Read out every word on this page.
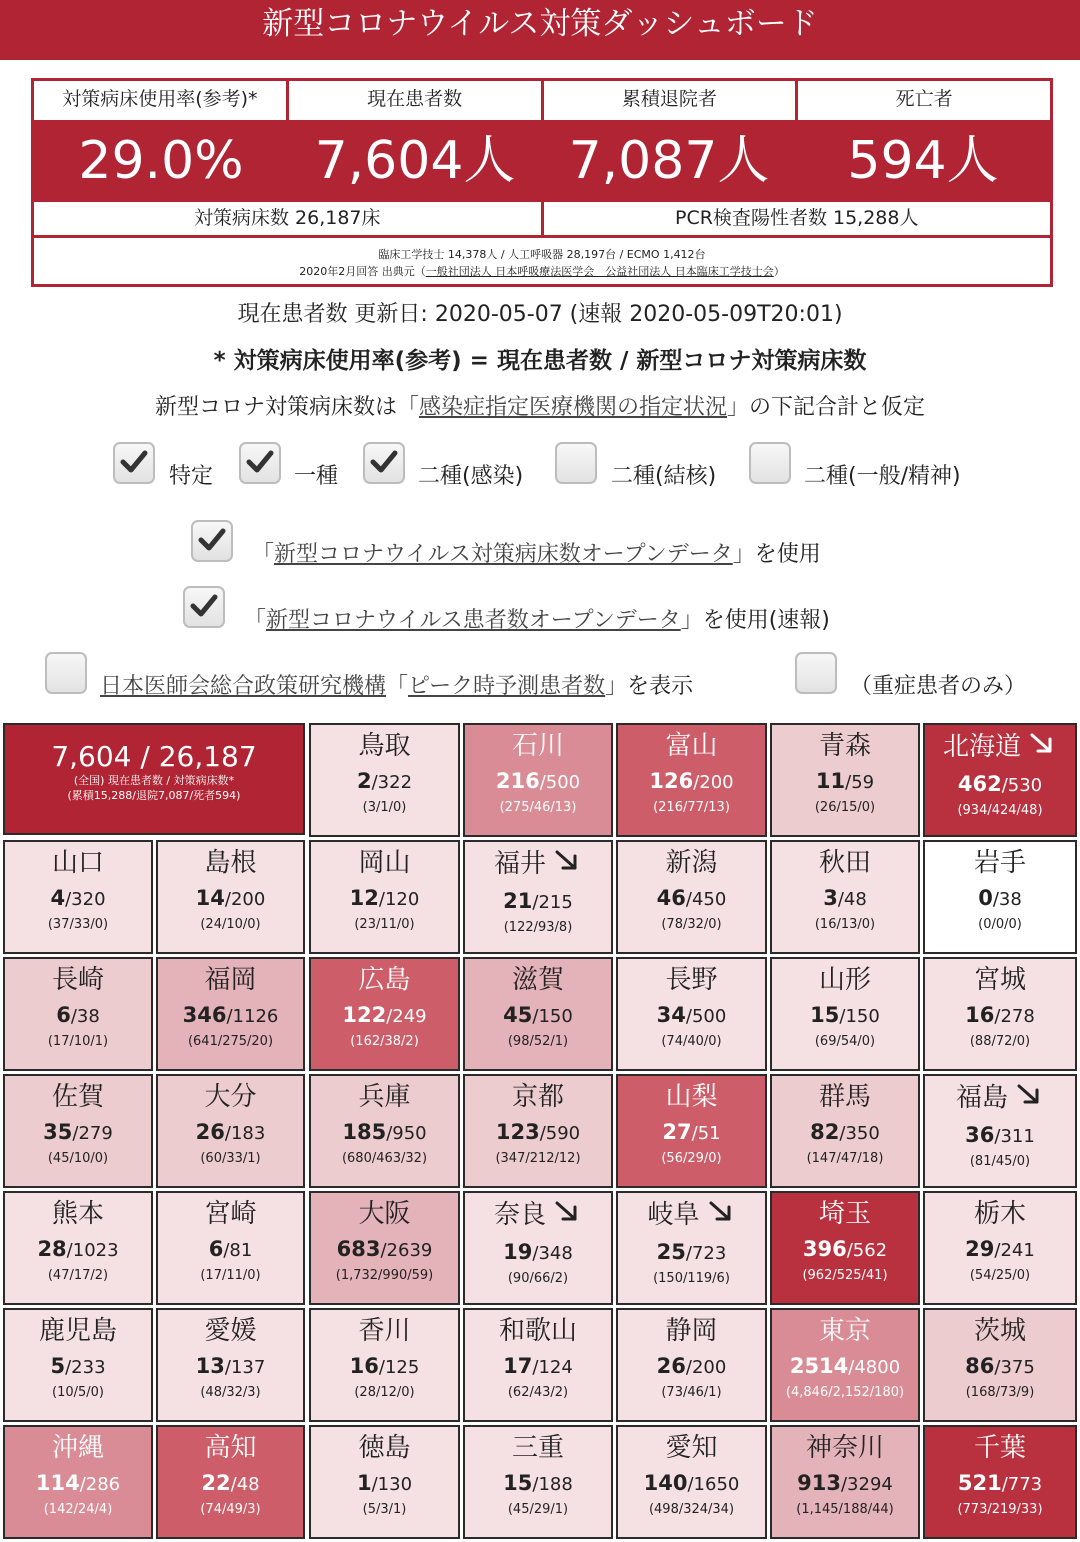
新型コロナウイルス対策ダッシュボード
対策病床使用率(参考)*	現在患者数	累積退院者	死亡者
29.0%	7,604人	7,087人	594人
対策病床数 26,187床	PCR検査陽性者数 15,288人
臨床工学技士 14,378人 / 人工呼吸器 28,197台 / ECMO 1,412台
2020年2月回答 出典元（一般社団法人 日本呼吸療法医学会　公益社団法人 日本臨床工学技士会）
現在患者数 更新日: 2020-05-07 (速報 2020-05-09T20:01)
* 対策病床使用率(参考) = 現在患者数 / 新型コロナ対策病床数
新型コロナ対策病床数は「感染症指定医療機関の指定状況」の下記合計と仮定
特定	一種	二種(感染)	二種(結核)	二種(一般/精神)
「新型コロナウイルス対策病床数オープンデータ」を使用
「新型コロナウイルス患者数オープンデータ」を使用(速報)
日本医師会総合政策研究機構「ピーク時予測患者数」を表示	（重症患者のみ）
7,604 / 26,187
(全国) 現在患者数 / 対策病床数*
(累積15,288/退院7,087/死者594)
鳥取
2/322
(3/1/0)
石川
216/500
(275/46/13)
富山
126/200
(216/77/13)
青森
11/59
(26/15/0)
北海道
462/530
(934/424/48)
山口
4/320
(37/33/0)
島根
14/200
(24/10/0)
岡山
12/120
(23/11/0)
福井
21/215
(122/93/8)
新潟
46/450
(78/32/0)
秋田
3/48
(16/13/0)
岩手
0/38
(0/0/0)
長崎
6/38
(17/10/1)
福岡
346/1126
(641/275/20)
広島
122/249
(162/38/2)
滋賀
45/150
(98/52/1)
長野
34/500
(74/40/0)
山形
15/150
(69/54/0)
宮城
16/278
(88/72/0)
佐賀
35/279
(45/10/0)
大分
26/183
(60/33/1)
兵庫
185/950
(680/463/32)
京都
123/590
(347/212/12)
山梨
27/51
(56/29/0)
群馬
82/350
(147/47/18)
福島
36/311
(81/45/0)
熊本
28/1023
(47/17/2)
宮崎
6/81
(17/11/0)
大阪
683/2639
(1,732/990/59)
奈良
19/348
(90/66/2)
岐阜
25/723
(150/119/6)
埼玉
396/562
(962/525/41)
栃木
29/241
(54/25/0)
鹿児島
5/233
(10/5/0)
愛媛
13/137
(48/32/3)
香川
16/125
(28/12/0)
和歌山
17/124
(62/43/2)
静岡
26/200
(73/46/1)
東京
2514/4800
(4,846/2,152/180)
茨城
86/375
(168/73/9)
沖縄
114/286
(142/24/4)
高知
22/48
(74/49/3)
徳島
1/130
(5/3/1)
三重
15/188
(45/29/1)
愛知
140/1650
(498/324/34)
神奈川
913/3294
(1,145/188/44)
千葉
521/773
(773/219/33)
